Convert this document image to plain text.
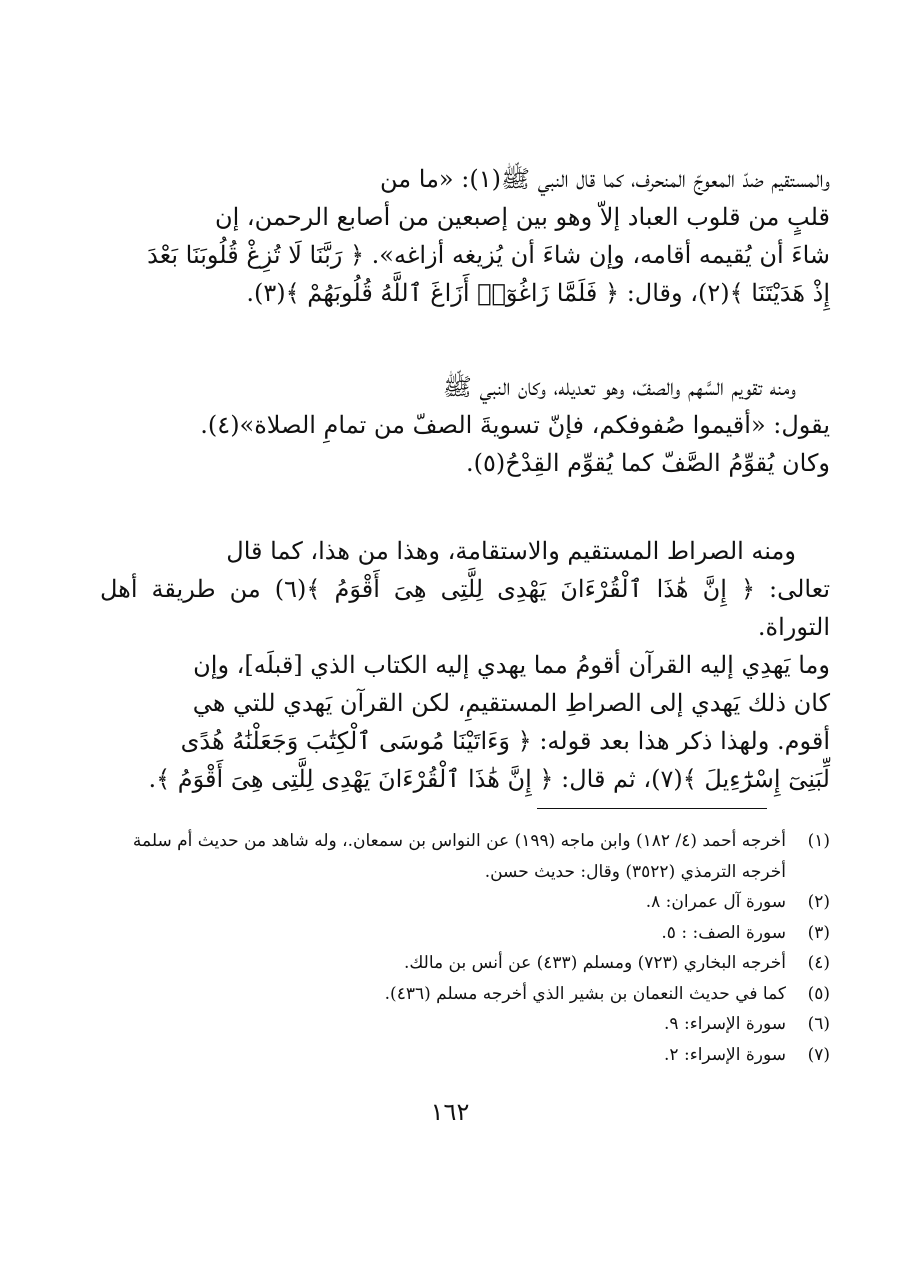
والمستقيم ضدّ المعوجّ المنحرف، كما قال النبي ﷺ(١): «ما من

قلبٍ من قلوب العباد إلاّ وهو بين إصبعين من أصابع الرحمن، إن

شاءَ أن يُقيمه أقامه، وإن شاءَ أن يُزيغه أزاغه». ﴿ رَبَّنَا لَا تُزِغْ قُلُوبَنَا بَعْدَ

إِذْ هَدَيْتَنَا ﴾(٢)، وقال: ﴿ فَلَمَّا زَاغُوٓا۟ أَزَاغَ ٱللَّهُ قُلُوبَهُمْ ﴾(٣).

ومنه تقويم السَّهم والصفّ، وهو تعديله، وكان النبي ﷺ

يقول: «أقيموا صُفوفكم، فإنّ تسويةَ الصفّ من تمامِ الصلاة»(٤).

وكان يُقوِّمُ الصَّفّ كما يُقوِّم القِدْحُ(٥).

ومنه الصراط المستقيم والاستقامة، وهذا من هذا، كما قال

تعالى: ﴿ إِنَّ هَٰذَا ٱلْقُرْءَانَ يَهْدِى لِلَّتِى هِىَ أَقْوَمُ ﴾(٦) من طريقة أهل التوراة.

وما يَهدِي إليه القرآن أقومُ مما يهدي إليه الكتاب الذي [قبلَه]، وإن

كان ذلك يَهدي إلى الصراطِ المستقيمِ، لكن القرآن يَهدي للتي هي

أقوم. ولهذا ذكر هذا بعد قوله: ﴿ وَءَاتَيْنَا مُوسَى ٱلْكِتَٰبَ وَجَعَلْنَٰهُ هُدًى

لِّبَنِىٓ إِسْرَٰٓءِيلَ ﴾(٧)، ثم قال: ﴿ إِنَّ هَٰذَا ٱلْقُرْءَانَ يَهْدِى لِلَّتِى هِىَ أَقْوَمُ ﴾.

(١)
أخرجه أحمد (٤/ ١٨٢) وابن ماجه (١٩٩) عن النواس بن سمعان.، وله شاهد من حديث أم سلمة أخرجه الترمذي (٣٥٢٢) وقال: حديث حسن.
(٢)
سورة آل عمران: ٨.
(٣)
سورة الصف: : ٥.
(٤)
أخرجه البخاري (٧٢٣) ومسلم (٤٣٣) عن أنس بن مالك.
(٥)
كما في حديث النعمان بن بشير الذي أخرجه مسلم (٤٣٦).
(٦)
سورة الإسراء: ٩.
(٧)
سورة الإسراء: ٢.
١٦٢
